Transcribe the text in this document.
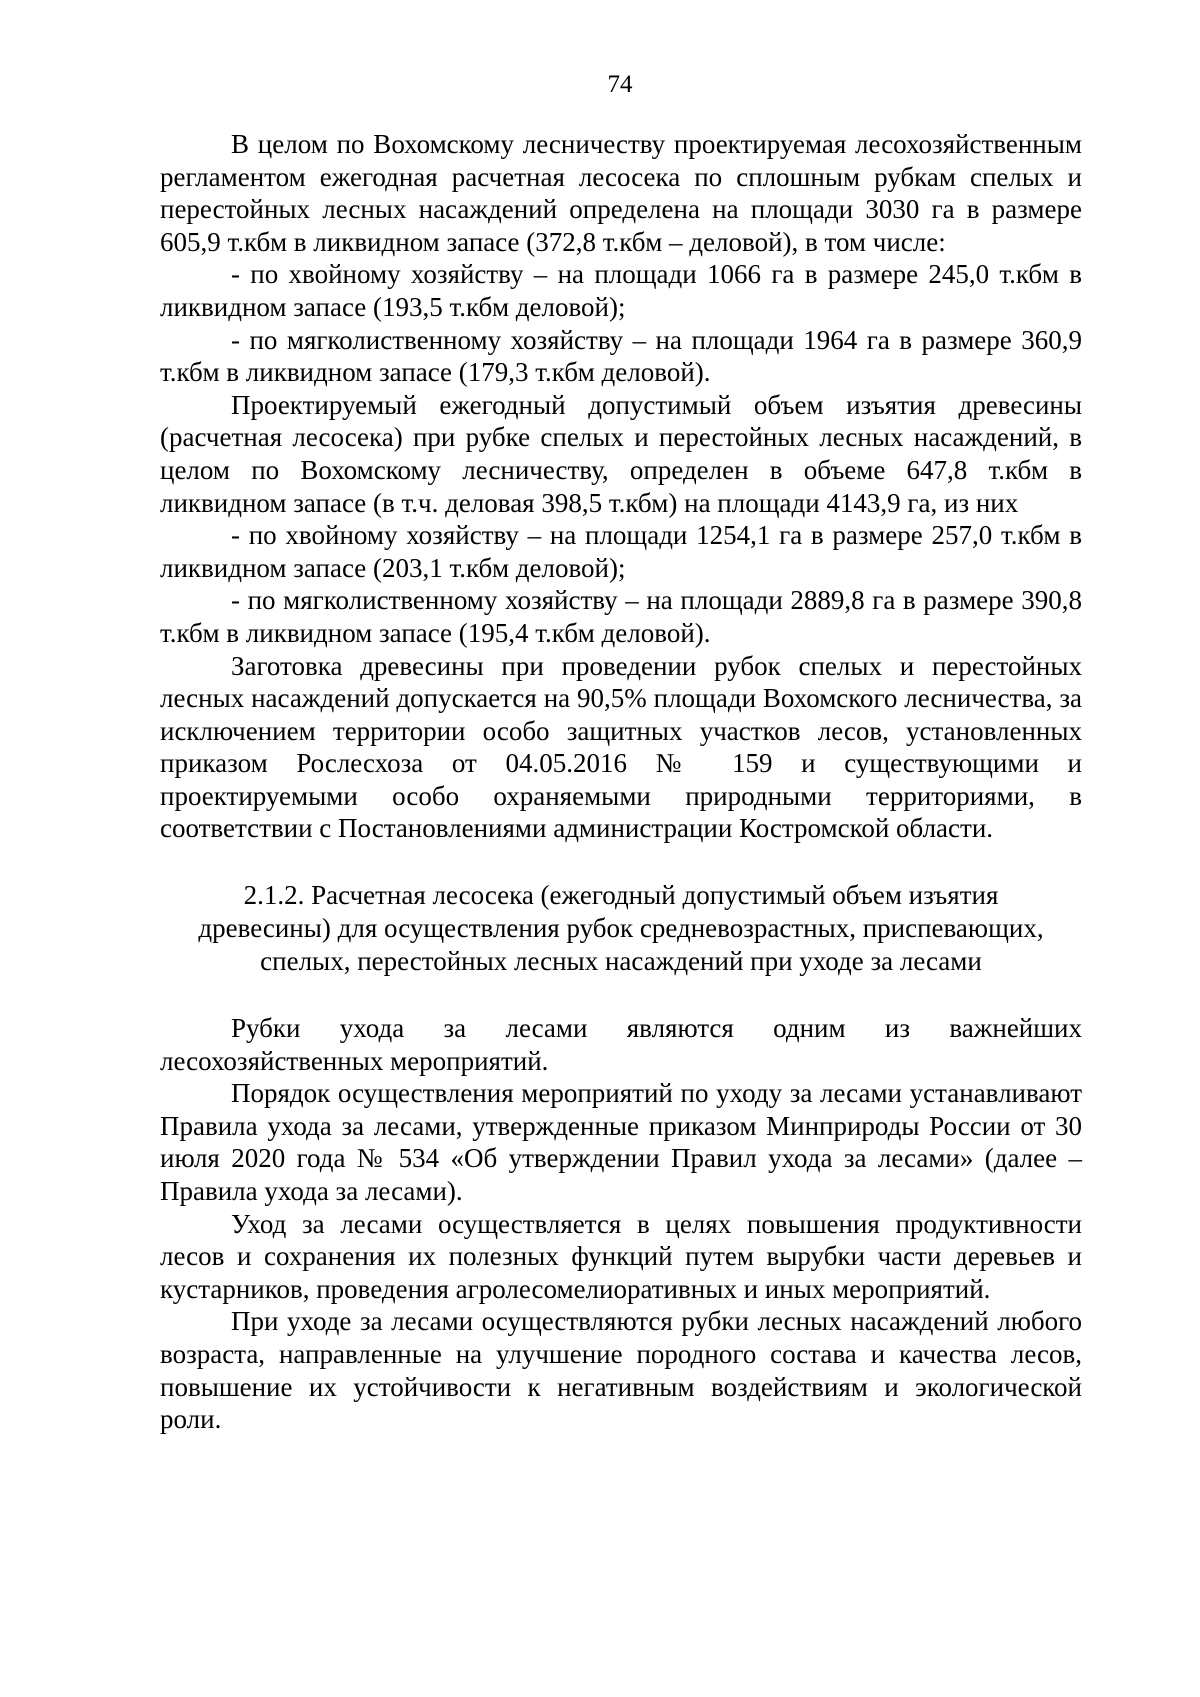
74

В целом по Вохомскому лесничеству проектируемая лесохозяйственным регламентом ежегодная расчетная лесосека по сплошным рубкам спелых и перестойных лесных насаждений определена на площади 3030 га в размере 605,9 т.кбм в ликвидном запасе (372,8 т.кбм – деловой), в том числе:

- по хвойному хозяйству – на площади 1066 га в размере 245,0 т.кбм в ликвидном запасе (193,5 т.кбм деловой);

- по мягколиственному хозяйству – на площади 1964 га в размере 360,9 т.кбм в ликвидном запасе (179,3 т.кбм деловой).

Проектируемый ежегодный допустимый объем изъятия древесины (расчетная лесосека) при рубке спелых и перестойных лесных насаждений, в целом по Вохомскому лесничеству, определен в объеме 647,8 т.кбм в ликвидном запасе (в т.ч. деловая 398,5 т.кбм) на площади 4143,9 га, из них

- по хвойному хозяйству – на площади 1254,1 га в размере 257,0 т.кбм в ликвидном запасе (203,1 т.кбм деловой);

- по мягколиственному хозяйству – на площади 2889,8 га в размере 390,8 т.кбм в ликвидном запасе (195,4 т.кбм деловой).

Заготовка древесины при проведении рубок спелых и перестойных лесных насаждений допускается на 90,5% площади Вохомского лесничества, за исключением территории особо защитных участков лесов, установленных приказом Рослесхоза от 04.05.2016 № 159 и существующими и проектируемыми особо охраняемыми природными территориями, в соответствии с Постановлениями администрации Костромской области.

2.1.2. Расчетная лесосека (ежегодный допустимый объем изъятия древесины) для осуществления рубок средневозрастных, приспевающих, спелых, перестойных лесных насаждений при уходе за лесами

Рубки ухода за лесами являются одним из важнейших лесохозяйственных мероприятий.

Порядок осуществления мероприятий по уходу за лесами устанавливают Правила ухода за лесами, утвержденные приказом Минприроды России от 30 июля 2020 года № 534 «Об утверждении Правил ухода за лесами» (далее – Правила ухода за лесами).

Уход за лесами осуществляется в целях повышения продуктивности лесов и сохранения их полезных функций путем вырубки части деревьев и кустарников, проведения агролесомелиоративных и иных мероприятий.

При уходе за лесами осуществляются рубки лесных насаждений любого возраста, направленные на улучшение породного состава и качества лесов, повышение их устойчивости к негативным воздействиям и экологической роли.
